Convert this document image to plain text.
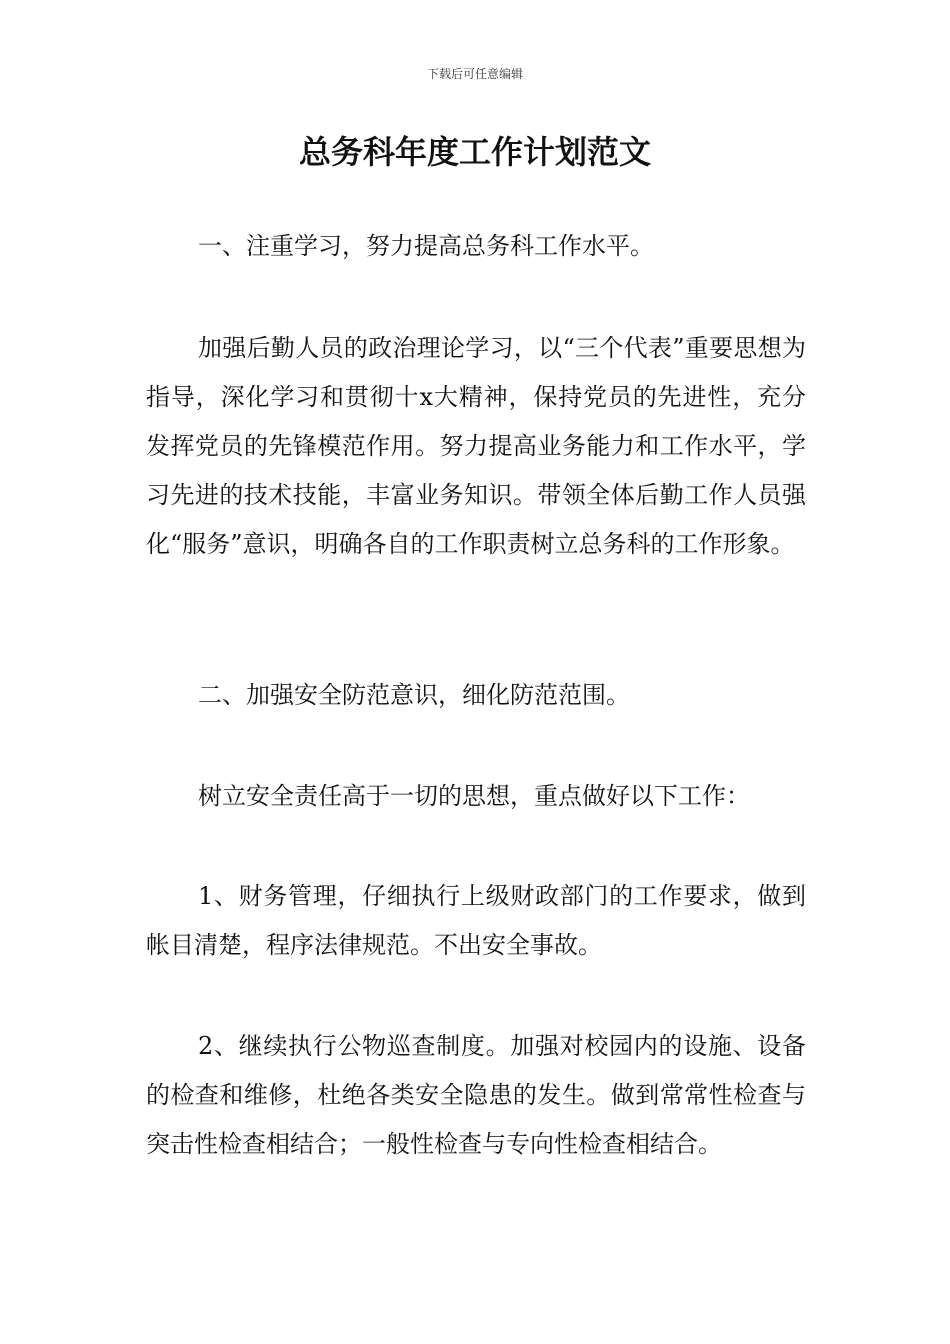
下载后可任意编辑
总务科年度工作计划范文

一、注重学习，努力提高总务科工作水平。

加强后勤人员的政治理论学习，以“三个代表”重要思想为指导，深化学习和贯彻十x大精神，保持党员的先进性，充分发挥党员的先锋模范作用。努力提高业务能力和工作水平，学习先进的技术技能，丰富业务知识。带领全体后勤工作人员强化“服务”意识，明确各自的工作职责树立总务科的工作形象。

二、加强安全防范意识，细化防范范围。

树立安全责任高于一切的思想，重点做好以下工作：

1、财务管理，仔细执行上级财政部门的工作要求，做到帐目清楚，程序法律规范。不出安全事故。

2、继续执行公物巡查制度。加强对校园内的设施、设备的检查和维修，杜绝各类安全隐患的发生。做到常常性检查与突击性检查相结合；一般性检查与专向性检查相结合。
